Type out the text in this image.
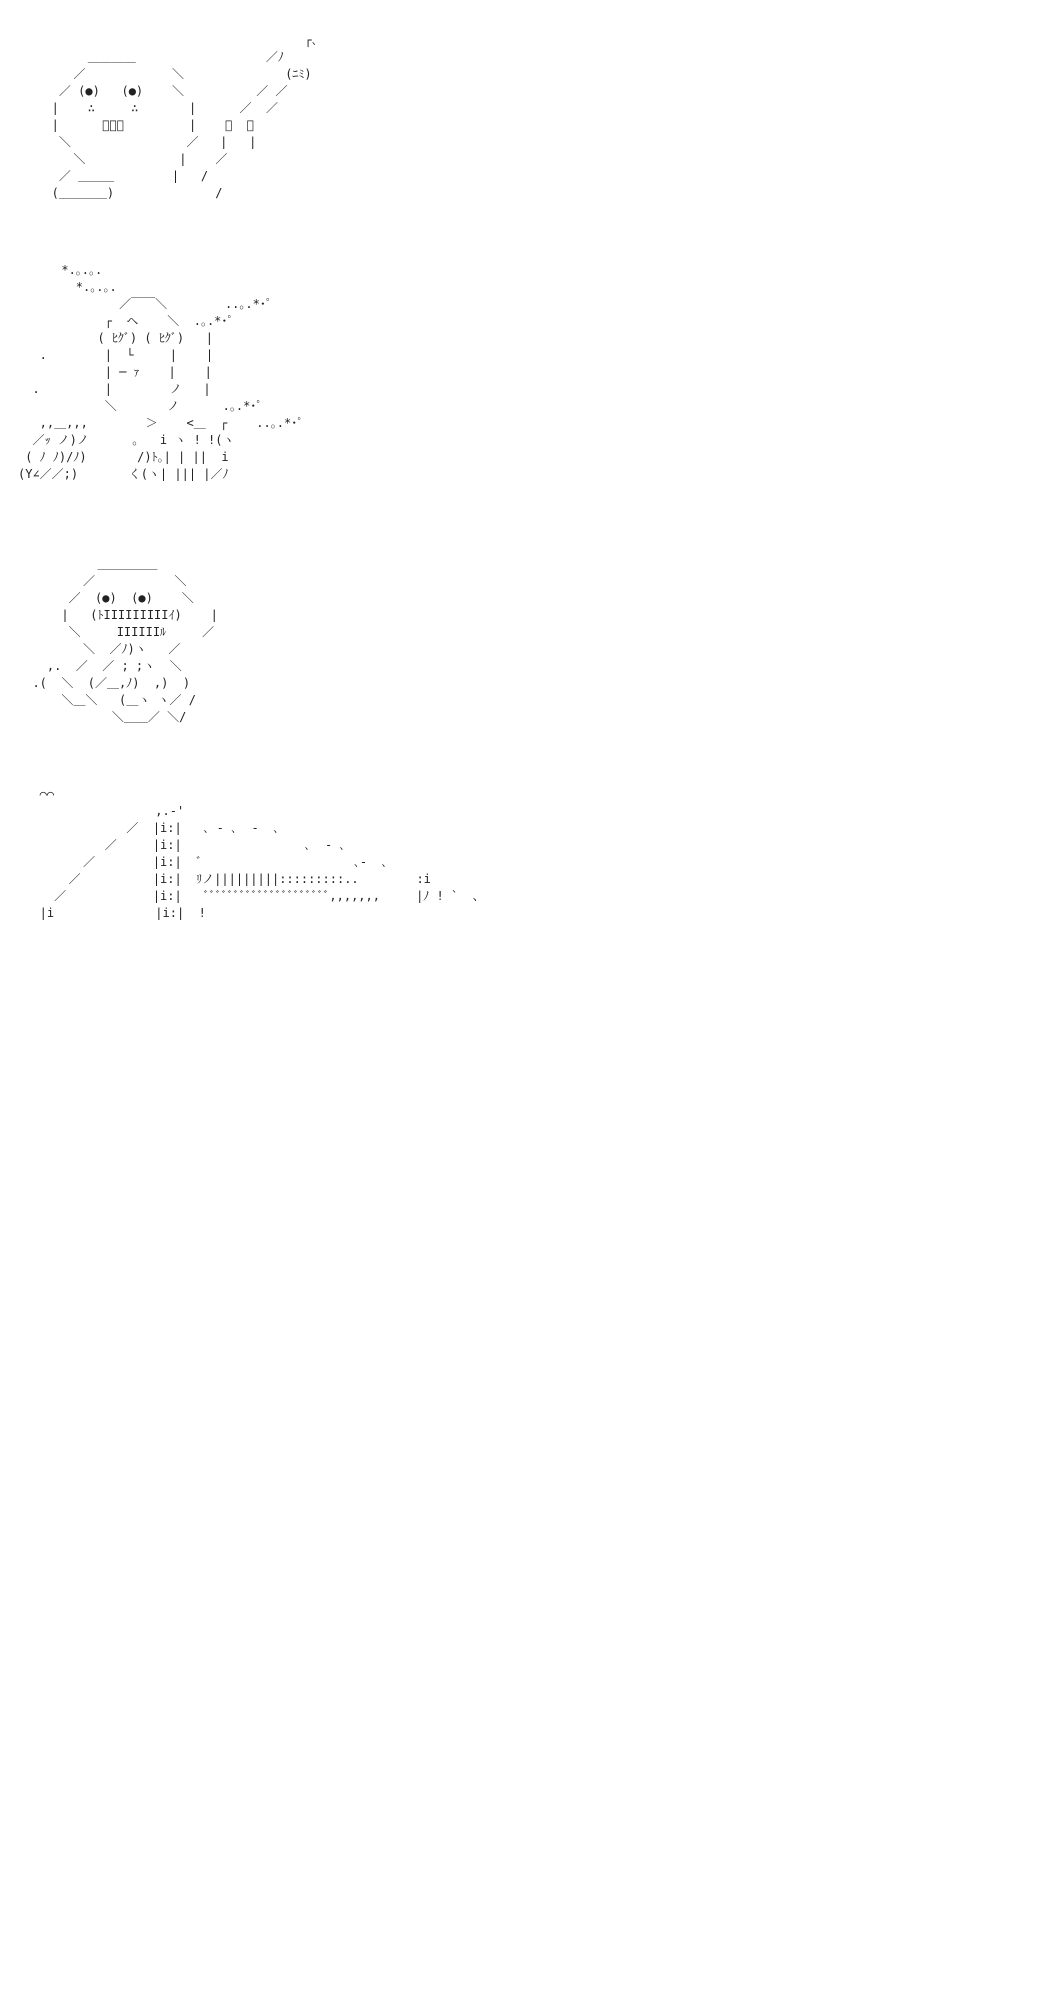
┌､
＿＿＿＿                  ／ﾉ
／            ＼              (ﾆﾐ)
／ (●)   (●)    ＼          ／ ／
|    ∴     ∴       |      ／  ／
|      ﾞ￣ﾞ         |    ／  ／
＼                ／   |   |
＼             |    ／
／ ＿＿＿        |   /
(＿＿＿＿)              /
*.｡.｡.
*.｡.｡.
／￣￣＼        ..｡.*･ﾟ
┌  ヘ    ＼  .｡.*･ﾟ
( ﾋｸﾞ) ( ﾋｸﾞ)   |
.        |  └     |    |
| ─ ｧ    |    |
.         |        ノ   |
＼       ノ      .｡.*･ﾟ
,,＿,,,        ＞    <＿  ┌    ..｡.*･ﾟ
／ｯ ノ)ノ      ｡   i ヽ ! !(ヽ
( ﾉ ﾉ)/ﾉ)       /)ﾄ｡| | ||  i
(Y∠／／;)       く(ヽ| ||| |／ﾉ
＿＿＿＿＿
／           ＼
／  (●)  (●)    ＼
|   (ﾄIIIIIIIIIｲ)    |
＼     IIIIIIﾙ     ／
＼  ／ﾉ)ヽ   ／
,.  ／  ／ ; ;ヽ  ＼
.(  ＼  (／＿,ﾉ)  ,)  )
＼＿＼   (＿ヽ ヽ／ /
＼＿＿／ ＼/
⌒⌒
,.-'
／  |i:|   ､ ‐ ､  -  ､
／     |i:|                 ､  ‐ ､
／        |i:|  ﾞ                     ､‐  ､
／          |i:|  ﾘノ|||||||||:::::::::..        :i
／            |i:|   ﾞﾞﾞﾞﾞﾞﾞﾞﾞﾞﾞﾞﾞﾞﾞﾞﾞﾞﾞﾞﾞ,,,,,,,     |ﾉ ! `  、
|i              |i:|  !
